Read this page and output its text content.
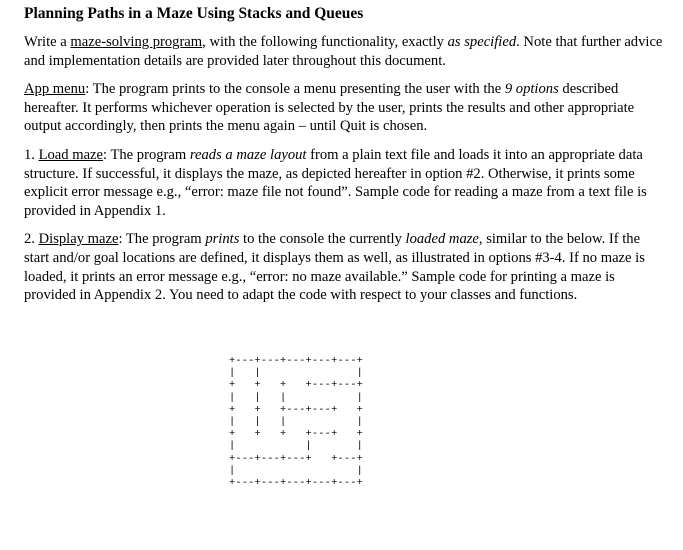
Planning Paths in a Maze Using Stacks and Queues

Write a maze-solving program, with the following functionality, exactly as specified. Note that further advice and implementation details are provided later throughout this document.

App menu: The program prints to the console a menu presenting the user with the 9 options described hereafter. It performs whichever operation is selected by the user, prints the results and other appropriate output accordingly, then prints the menu again – until Quit is chosen.

1. Load maze: The program reads a maze layout from a plain text file and loads it into an appropriate data structure. If successful, it displays the maze, as depicted hereafter in option #2. Otherwise, it prints some explicit error message e.g., “error: maze file not found”. Sample code for reading a maze from a text file is provided in Appendix 1.

2. Display maze: The program prints to the console the currently loaded maze, similar to the below. If the start and/or goal locations are defined, it displays them as well, as illustrated in options #3-4. If no maze is loaded, it prints an error message e.g., “error: no maze available.” Sample code for printing a maze is provided in Appendix 2. You need to adapt the code with respect to your classes and functions.

+---+---+---+---+---+
|   |               |
+   +   +   +---+---+
|   |   |           |
+   +   +---+---+   +
|   |   |           |
+   +   +   +---+   +
|           |       |
+---+---+---+   +---+
|                   |
+---+---+---+---+---+
